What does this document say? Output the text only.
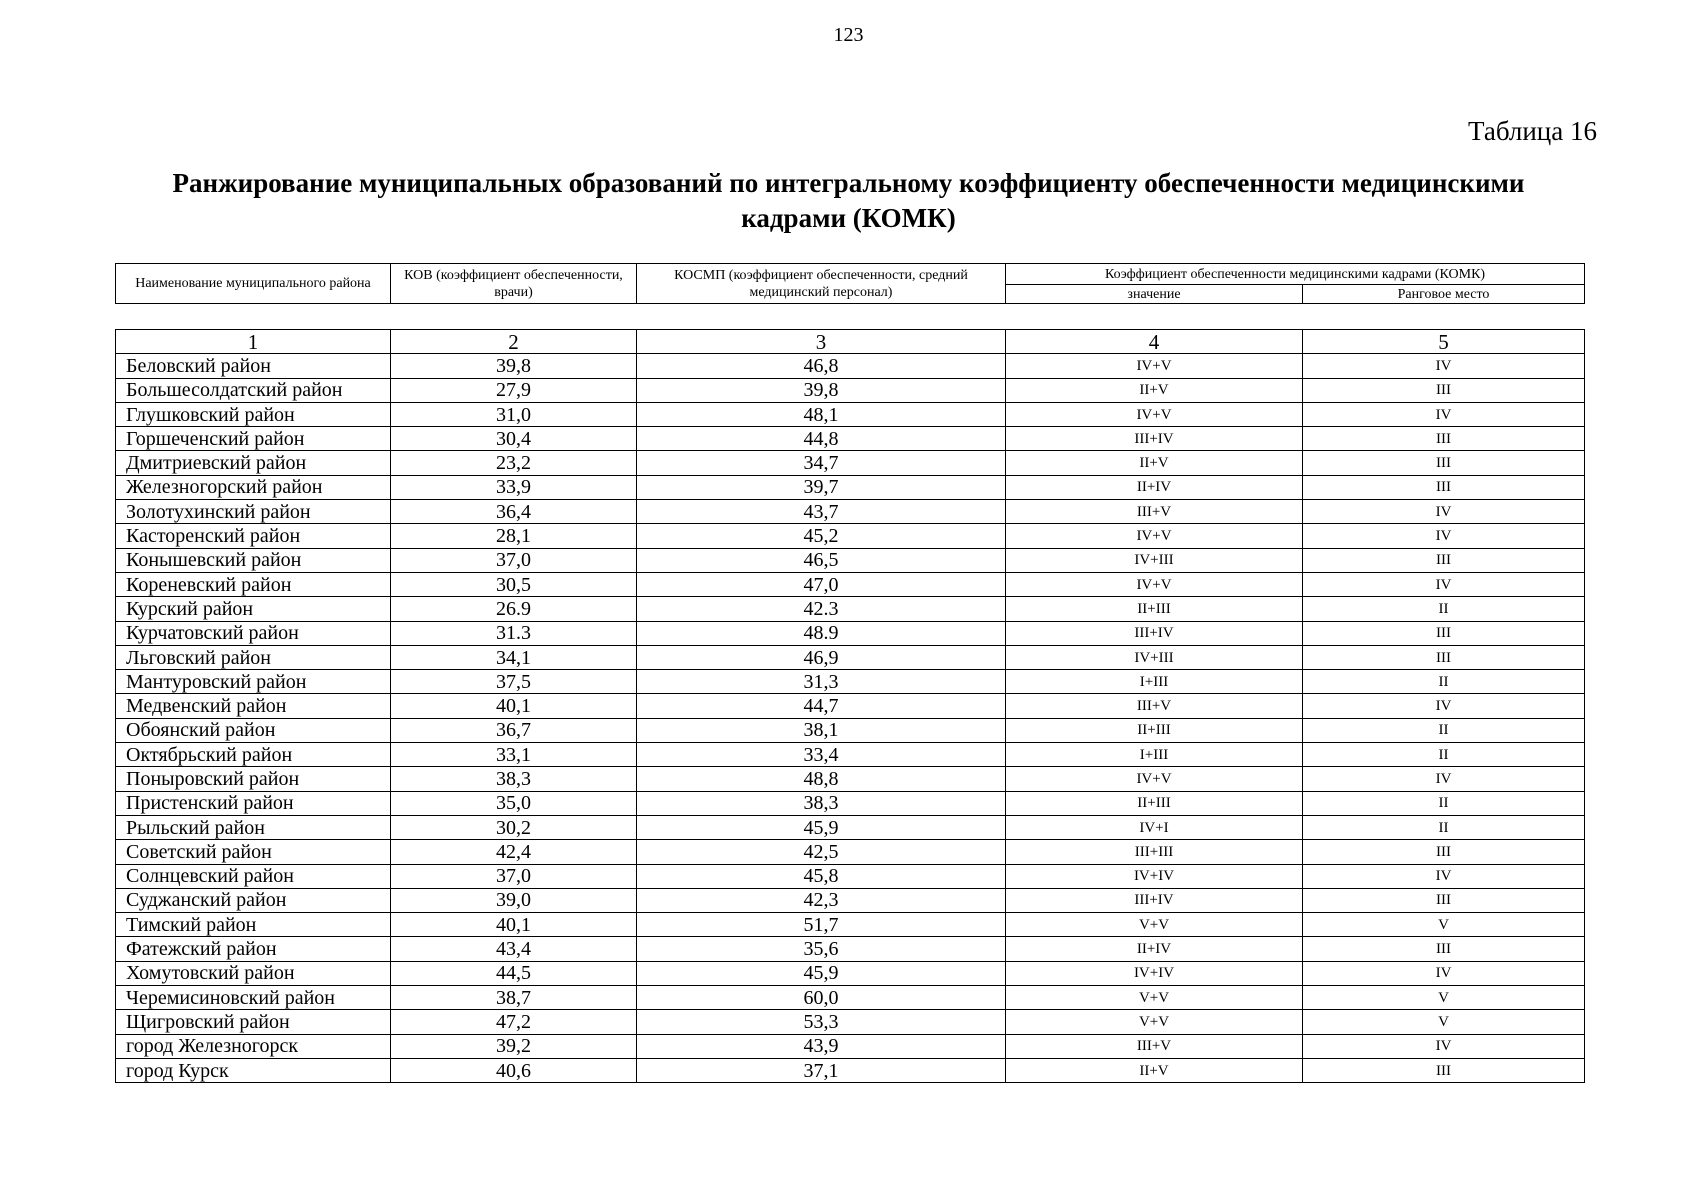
123
Таблица 16
Ранжирование муниципальных образований по интегральному коэффициенту обеспеченности медицинскими кадрами (КОМК)
Наименование муниципального района	КОВ (коэффициент обеспеченности, врачи)	КОСМП (коэффициент обеспеченности, средний медицинский персонал)	Коэффициент обеспеченности медицинскими кадрами (КОМК)	
			значение	Ранговое место
1	2	3	4	5
Беловский район	39,8	46,8	IV+V	IV
Большесолдатский район	27,9	39,8	II+V	III
Глушковский район	31,0	48,1	IV+V	IV
Горшеченский район	30,4	44,8	III+IV	III
Дмитриевский район	23,2	34,7	II+V	III
Железногорский район	33,9	39,7	II+IV	III
Золотухинский район	36,4	43,7	III+V	IV
Касторенский район	28,1	45,2	IV+V	IV
Конышевский район	37,0	46,5	IV+III	III
Кореневский район	30,5	47,0	IV+V	IV
Курский район	26.9	42.3	II+III	II
Курчатовский район	31.3	48.9	III+IV	III
Льговский район	34,1	46,9	IV+III	III
Мантуровский район	37,5	31,3	I+III	II
Медвенский район	40,1	44,7	III+V	IV
Обоянский район	36,7	38,1	II+III	II
Октябрьский район	33,1	33,4	I+III	II
Поныровский район	38,3	48,8	IV+V	IV
Пристенский район	35,0	38,3	II+III	II
Рыльский район	30,2	45,9	IV+I	II
Советский район	42,4	42,5	III+III	III
Солнцевский район	37,0	45,8	IV+IV	IV
Суджанский район	39,0	42,3	III+IV	III
Тимский район	40,1	51,7	V+V	V
Фатежский район	43,4	35,6	II+IV	III
Хомутовский район	44,5	45,9	IV+IV	IV
Черемисиновский район	38,7	60,0	V+V	V
Щигровский район	47,2	53,3	V+V	V
город Железногорск	39,2	43,9	III+V	IV
город Курск	40,6	37,1	II+V	III
